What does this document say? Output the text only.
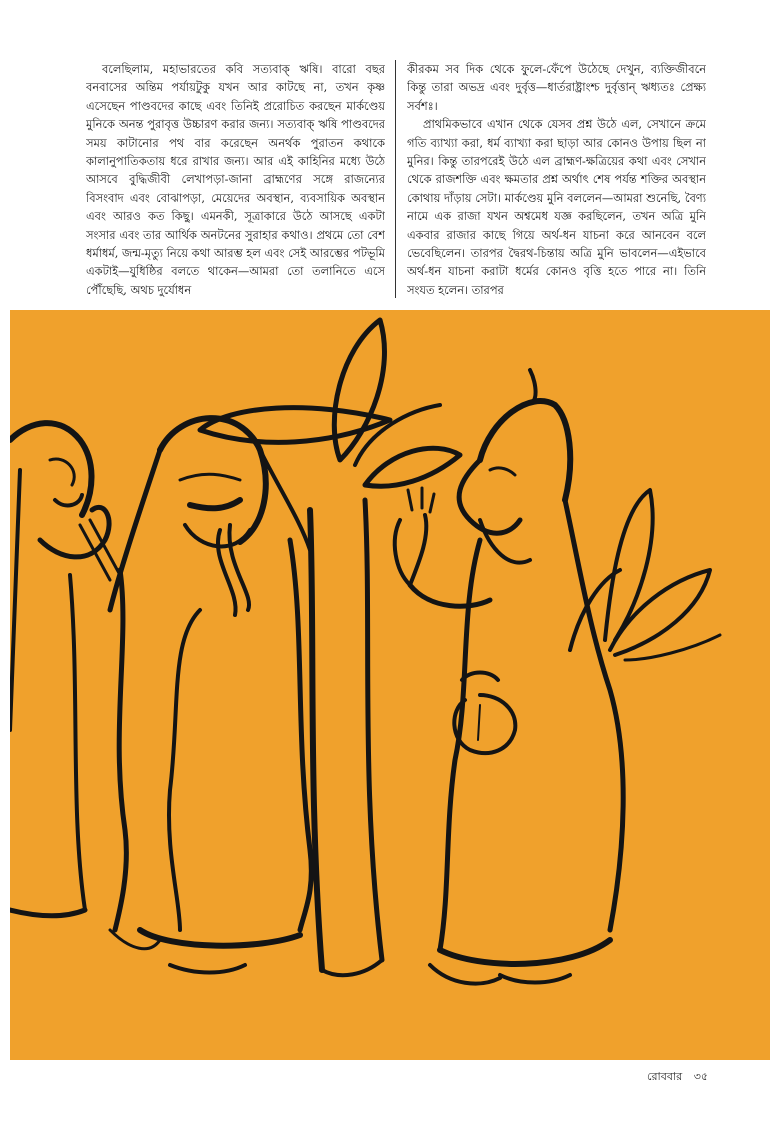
বলেছিলাম, মহাভারতের কবি সত্যবাক্ ঋষি। বারো বছর বনবাসের অন্তিম পর্যায়টুকু যখন আর কাটছে না, তখন কৃষ্ণ এসেছেন পাণ্ডবদের কাছে এবং তিনিই প্ররোচিত করছেন মার্কণ্ডেয় মুনিকে অনন্ত পুরাবৃত্ত উচ্চারণ করার জন্য। সত্যবাক্ ঋষি পাণ্ডবদের সময় কাটানোর পথ বার করেছেন অনর্থক পুরাতন কথাকে কালানুপাতিকতায় ধরে রাখার জন্য। আর এই কাহিনির মধ্যে উঠে আসবে বুদ্ধিজীবী লেখাপড়া-জানা ব্রাহ্মণের সঙ্গে রাজন্যের বিসংবাদ এবং বোঝাপড়া, মেয়েদের অবস্থান, ব্যবসায়িক অবস্থান এবং আরও কত কিছু। এমনকী, সূত্রাকারে উঠে আসছে একটা সংসার এবং তার আর্থিক অনটনের সুরাহার কথাও। প্রথমে তো বেশ ধর্মাধর্ম, জন্ম-মৃত্যু নিয়ে কথা আরম্ভ হল এবং সেই আরম্ভের পটভূমি একটাই—যুধিষ্ঠির বলতে থাকেন—আমরা তো তলানিতে এসে পৌঁছেছি, অথচ দুর্যোধন

কীরকম সব দিক থেকে ফুলে-ফেঁপে উঠেছে দেখুন, ব্যক্তিজীবনে কিন্তু তারা অভদ্র এবং দুর্বৃত্ত—ধার্তরাষ্ট্রাংশ্চ দুর্বৃত্তান্ ঋধ্যতঃ প্রেক্ষ্য সর্বশঃ।

প্রাথমিকভাবে এখান থেকে যেসব প্রশ্ন উঠে এল, সেখানে ক্রমে গতি ব্যাখ্যা করা, ধর্ম ব্যাখ্যা করা ছাড়া আর কোনও উপায় ছিল না মুনির। কিন্তু তারপরেই উঠে এল ব্রাহ্মণ-ক্ষত্রিয়ের কথা এবং সেখান থেকে রাজশক্তি এবং ক্ষমতার প্রশ্ন অর্থাৎ শেষ পর্যন্ত শক্তির অবস্থান কোথায় দাঁড়ায় সেটা। মার্কণ্ডেয় মুনি বললেন—আমরা শুনেছি, বৈণ্য নামে এক রাজা যখন অশ্বমেধ যজ্ঞ করছিলেন, তখন অত্রি মুনি একবার রাজার কাছে গিয়ে অর্থ-ধন যাচনা করে আনবেন বলে ভেবেছিলেন। তারপর দ্বৈরথ-চিন্তায় অত্রি মুনি ভাবলেন—এইভাবে অর্থ-ধন যাচনা করাটা ধর্মের কোনও বৃত্তি হতে পারে না। তিনি সংযত হলেন। তারপর

রোববার ৩৫
